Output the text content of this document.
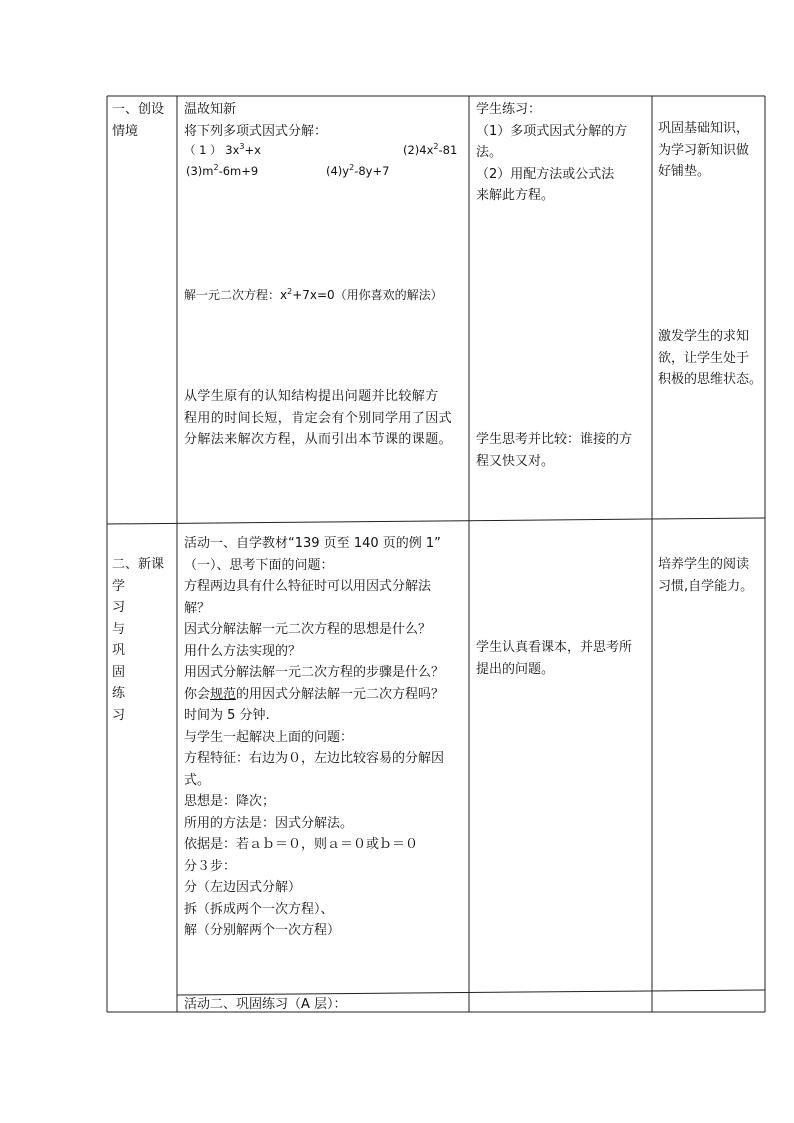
一、创设
情境
温故知新
将下列多项式因式分解：
（ 1 ） $3x^3+x$	$(2)4x^2-81$
$(3)m^2-6m+9$	$(4)y^2-8y+7$
解一元二次方程：$x^2+7x=0$（用你喜欢的解法）
从学生原有的认知结构提出问题并比较解方
程用的时间长短，肯定会有个别同学用了因式
分解法来解次方程，从而引出本节课的课题。
学生练习：
（1）多项式因式分解的方
法。
（2）用配方法或公式法
来解此方程。
学生思考并比较：谁接的方
程又快又对。
巩固基础知识，
为学习新知识做
好铺垫。
激发学生的求知
欲，让学生处于
积极的思维状态。
二、新课
学
习
与
巩
固
练
习
活动一、自学教材“139 页至 140 页的例 1”
（一）、思考下面的问题：
方程两边具有什么特征时可以用因式分解法
解？
因式分解法解一元二次方程的思想是什么？
用什么方法实现的？
用因式分解法解一元二次方程的步骤是什么？
你会规范的用因式分解法解一元二次方程吗？
时间为 5 分钟.
与学生一起解决上面的问题：
方程特征：右边为０，左边比较容易的分解因
式。
思想是：降次；
所用的方法是：因式分解法。
依据是：若ａｂ＝０，则ａ＝０或ｂ＝０
分３步：
分（左边因式分解）
拆（拆成两个一次方程）、
解（分别解两个一次方程）
活动二、巩固练习（A 层）：
学生认真看课本，并思考所
提出的问题。
培养学生的阅读
习惯,自学能力。
